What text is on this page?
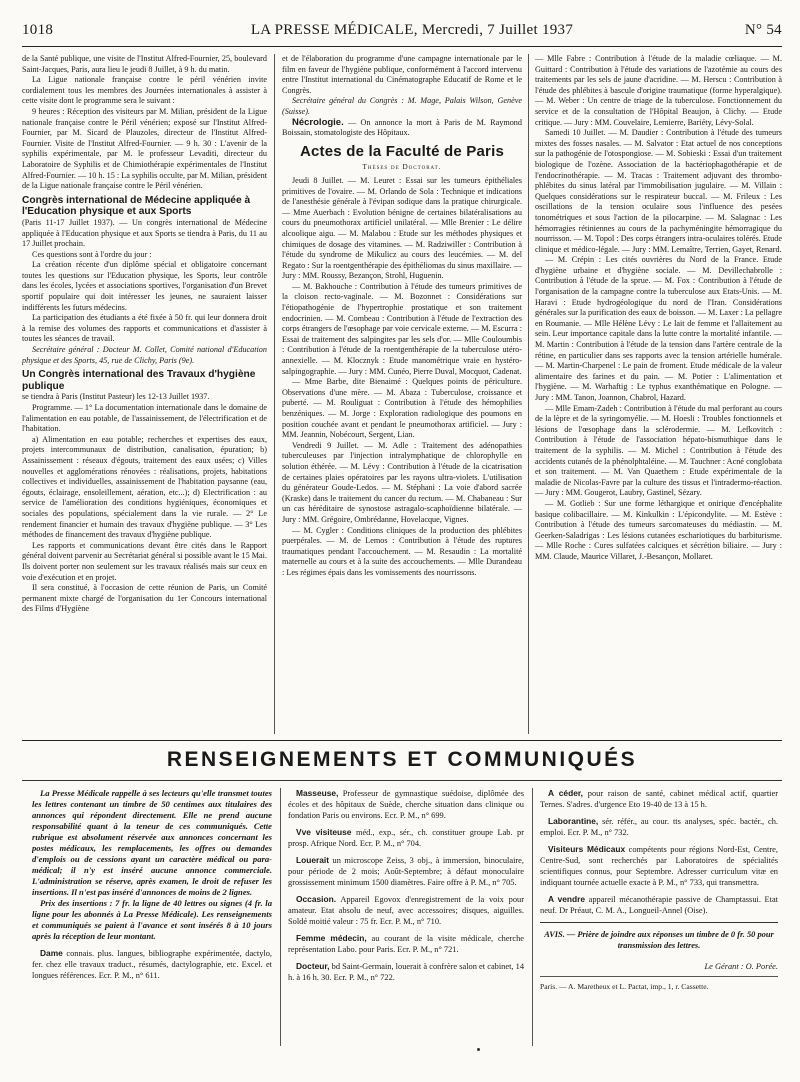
1018	LA PRESSE MÉDICALE, Mercredi, 7 Juillet 1937	N° 54

de la Santé publique, une visite de l'Institut Alfred-Fournier, 25, boulevard Saint-Jacques, Paris, aura lieu le jeudi 8 Juillet, à 9 h. du matin.

La Ligue nationale française contre le péril vénérien invite cordialement tous les membres des Journées internationales à assister à cette visite dont le programme sera le suivant :

9 heures : Réception des visiteurs par M. Milian, président de la Ligue nationale française contre le Péril vénérien; exposé sur l'Institut Alfred-Fournier, par M. Sicard de Plauzoles, directeur de l'Institut Alfred-Fournier. Visite de l'Institut Alfred-Fournier. — 9 h. 30 : L'avenir de la syphilis expérimentale, par M. le professeur Levaditi, directeur du Laboratoire de Syphilis et de Chimiothérapie expérimentales de l'Institut Alfred-Fournier. — 10 h. 15 : La syphilis occulte, par M. Milian, président de la Ligue nationale française contre le Péril vénérien.

Congrès international de Médecine appliquée à l'Education physique et aux Sports

(Paris 11-17 Juillet 1937). — Un congrès international de Médecine appliquée à l'Education physique et aux Sports se tiendra à Paris, du 11 au 17 Juillet prochain.

Ces questions sont à l'ordre du jour :

La création récente d'un diplôme spécial et obligatoire concernant toutes les questions sur l'Education physique, les Sports, leur contrôle dans les écoles, lycées et associations sportives, l'organisation d'un Brevet sportif populaire qui doit intéresser les jeunes, ne sauraient laisser indifférents les futurs médecins.

La participation des étudiants a été fixée à 50 fr. qui leur donnera droit à la remise des volumes des rapports et communications et d'assister à toutes les séances de travail.

Secrétaire général : Docteur M. Collet, Comité national d'Education physique et des Sports, 45, rue de Clichy, Paris (9e).

Un Congrès international des Travaux d'hygiène publique

se tiendra à Paris (Institut Pasteur) les 12-13 Juillet 1937.

Programme. — 1° La documentation internationale dans le domaine de l'alimentation en eau potable, de l'assainissement, de l'électrification et de l'habitation.

a) Alimentation en eau potable; recherches et expertises des eaux, projets intercommunaux de distribution, canalisation, épuration; b) Assainissement : réseaux d'égouts, traitement des eaux usées; c) Villes nouvelles et agglomérations rénovées : réalisations, projets, habitations collectives et individuelles, assainissement de l'habitation paysanne (eau, égouts, éclairage, ensoleillement, aération, etc...); d) Electrification : au service de l'amélioration des conditions hygiéniques, économiques et sociales des populations, spécialement dans la vie rurale. — 2° Le rendement financier et humain des travaux d'hygiène publique. — 3° Les méthodes de financement des travaux d'hygiène publique.

Les rapports et communications devant être cités dans le Rapport général doivent parvenir au Secrétariat général si possible avant le 15 Mai. Ils doivent porter non seulement sur les travaux réalisés mais sur ceux en voie d'exécution et en projet.

Il sera constitué, à l'occasion de cette réunion de Paris, un Comité permanent mixte chargé de l'organisation du 1er Concours international des Films d'Hygiène

et de l'élaboration du programme d'une campagne internationale par le film en faveur de l'hygiène publique, conformément à l'accord intervenu entre l'Institut international du Cinématographe Educatif de Rome et le Congrès.

Secrétaire général du Congrès : M. Mage, Palais Wilson, Genève (Suisse).

Nécrologie. — On annonce la mort à Paris de M. Raymond Boissain, stomatologiste des Hôpitaux.

Actes de la Faculté de Paris
Thèses de Doctorat.

Jeudi 8 Juillet. — M. Leuret : Essai sur les tumeurs épithéliales primitives de l'ovaire. — M. Orlando de Sola : Technique et indications de l'anesthésie générale à l'évipan sodique dans la pratique chirurgicale. — Mme Auerbach : Evolution bénigne de certaines bilatéralisations au cours du pneumothorax artificiel unilatéral. — Mlle Brenier : Le délire alcoolique aigu. — M. Malabou : Etude sur les méthodes physiques et chimiques de dosage des vitamines. — M. Radziwiller : Contribution à l'étude du syndrome de Mikulicz au cours des leucémies. — M. del Regato : Sur la roentgenthérapie des épithéliomas du sinus maxillaire. — Jury : MM. Roussy, Bezançon, Strohl, Huguenin.

— M. Bakhouche : Contribution à l'étude des tumeurs primitives de la cloison recto-vaginale. — M. Bozonnet : Considérations sur l'étiopathogénie de l'hypertrophie prostatique et son traitement endocrinien. — M. Combeau : Contribution à l'étude de l'extraction des corps étrangers de l'œsophage par voie cervicale externe. — M. Escurra : Essai de traitement des salpingites par les sels d'or. — Mlle Couloumbis : Contribution à l'étude de la roentgenthérapie de la tuberculose utéro-annexielle. — M. Klocznyk : Etude manométrique vraie en hystéro-salpingographie. — Jury : MM. Cunéo, Pierre Duval, Mocquot, Cadenat.

— Mme Barbe, dite Bienaimé : Quelques points de périculture. Observations d'une mère. — M. Abaza : Tuberculose, croissance et puberté. — M. Rouliguat : Contribution à l'étude des hémophilies benzéniques. — M. Jorge : Exploration radiologique des poumons en position couchée avant et pendant le pneumothorax artificiel. — Jury : MM. Jeannin, Nobécourt, Sergent, Lian.

Vendredi 9 Juillet. — M. Adle : Traitement des adénopathies tuberculeuses par l'injection intralymphatique de chlorophylle en solution éthérée. — M. Lévy : Contribution à l'étude de la cicatrisation de certaines plaies opératoires par les rayons ultra-violets. L'utilisation du générateur Goude-Ledos. — M. Stéphani : La voie d'abord sacrée (Kraske) dans le traitement du cancer du rectum. — M. Chabaneau : Sur un cas héréditaire de synostose astragalo-scaphoïdienne bilatérale. — Jury : MM. Grégoire, Ombrédanne, Hovelacque, Vignes.

— M. Cygler : Conditions cliniques de la production des phlébites puerpérales. — M. de Lemos : Contribution à l'étude des ruptures traumatiques pendant l'accouchement. — M. Resaudin : La mortalité maternelle au cours et à la suite des accouchements. — Mlle Durandeau : Les régimes épais dans les vomissements des nourrissons.

— Mlle Fabre : Contribution à l'étude de la maladie cœliaque. — M. Guittard : Contribution à l'étude des variations de l'azotémie au cours des traitements par les sels de jaune d'acridine. — M. Herscu : Contribution à l'étude des phlébites à bascule d'origine traumatique (forme hyperalgique). — M. Weber : Un centre de triage de la tuberculose. Fonctionnement du service et de la consultation de l'Hôpital Beaujon, à Clichy. — Etude critique. — Jury : MM. Couvelaire, Lemierre, Bariéty, Lévy-Solal.

Samedi 10 Juillet. — M. Daudier : Contribution à l'étude des tumeurs mixtes des fosses nasales. — M. Salvator : Etat actuel de nos conceptions sur la pathogénie de l'otospongiose. — M. Sobieski : Essai d'un traitement biologique de l'ozène. Association de la bactériophagothérapie et de l'endocrinothérapie. — M. Tracas : Traitement adjuvant des thrombo-phlébites du sinus latéral par l'immobilisation jugulaire. — M. Villain : Quelques considérations sur le respirateur buccal. — M. Frileux : Les oscillations de la tension oculaire sous l'influence des pesées tonométriques et sous l'action de la pilocarpine. — M. Salagnac : Les hémorragies rétiniennes au cours de la pachyméningite hémorragique du nourrisson. — M. Topol : Des corps étrangers intra-oculaires tolérés. Etude clinique et médico-légale. — Jury : MM. Lemaître, Terrien, Gayet, Renard.

— M. Crépin : Les cités ouvrières du Nord de la France. Etude d'hygiène urbaine et d'hygiène sociale. — M. Devillechabrolle : Contribution à l'étude de la sprue. — M. Fox : Contribution à l'étude de l'organisation de la campagne contre la tuberculose aux Etats-Unis. — M. Haravi : Etude hydrogéologique du nord de l'Iran. Considérations générales sur la purification des eaux de boisson. — M. Laxer : La pellagre en Roumanie. — Mlle Hélène Lévy : Le lait de femme et l'allaitement au sein. Leur importance capitale dans la lutte contre la mortalité infantile. — M. Martin : Contribution à l'étude de la tension dans l'artère centrale de la rétine, en particulier dans ses rapports avec la tension artérielle humérale. — M. Martin-Charpenel : Le pain de froment. Etude médicale de la valeur alimentaire des farines et du pain. — M. Potier : L'alimentation et l'hygiène. — M. Warhaftig : Le typhus exanthématique en Pologne. — Jury : MM. Tanon, Joannon, Chabrol, Hazard.

— Mlle Emam-Zadeh : Contribution à l'étude du mal perforant au cours de la lèpre et de la syringomyélie. — M. Hoesli : Troubles fonctionnels et lésions de l'œsophage dans la sclérodermie. — M. Lefkovitch : Contribution à l'étude de l'association hépato-bismuthique dans le traitement de la syphilis. — M. Michel : Contribution à l'étude des accidents cutanés de la phénolphtaléine. — M. Tauchner : Acné conglobata et son traitement. — M. Van Quaethem : Etude expérimentale de la maladie de Nicolas-Favre par la culture des tissus et l'intradermo-réaction. — Jury : MM. Gougerot, Laubry, Gastinel, Sézary.

— M. Gotlieb : Sur une forme léthargique et onirique d'encéphalite basique colibacillaire. — M. Kinkulkin : L'épicondylite. — M. Estève : Contribution à l'étude des tumeurs sarcomateuses du médiastin. — M. Geerken-Saladrigas : Les lésions cutanées eschariotiques du barbiturisme. — Mlle Roche : Cures sulfatées calciques et sécrétion biliaire. — Jury : MM. Claude, Maurice Villaret, J.-Besançon, Mollaret.

RENSEIGNEMENTS ET COMMUNIQUÉS

La Presse Médicale rappelle à ses lecteurs qu'elle transmet toutes les lettres contenant un timbre de 50 centimes aux titulaires des annonces qui répondent directement. Elle ne prend aucune responsabilité quant à la teneur de ces communiqués. Cette rubrique est absolument réservée aux annonces concernant les postes médicaux, les remplacements, les offres ou demandes d'emplois ou de cessions ayant un caractère médical ou para-médical; il n'y est inséré aucune annonce commerciale. L'administration se réserve, après examen, le droit de refuser les insertions. Il n'est pas inséré d'annonces de moins de 2 lignes.

Prix des insertions : 7 fr. la ligne de 40 lettres ou signes (4 fr. la ligne pour les abonnés à La Presse Médicale). Les renseignements et communiqués se paient à l'avance et sont insérés 8 à 10 jours après la réception de leur montant.

Dame connais. plus. langues, bibliographe expérimentée, dactylo, fer. chez elle travaux traduct., résumés, dactylographie, etc. Excel. et longues références. Ecr. P. M., n° 611.

Masseuse, Professeur de gymnastique suédoise, diplômée des écoles et des hôpitaux de Suède, cherche situation dans clinique ou fondation Paris ou environs. Ecr. P. M., n° 699.

Vve visiteuse méd., exp., sér., ch. constituer groupe Lab. pr prosp. Afrique Nord. Ecr. P. M., n° 704.

Louerait un microscope Zeiss, 3 obj., à immersion, binoculaire, pour période de 2 mois; Août-Septembre; à défaut monoculaire grossissement minimum 1500 diamètres. Faire offre à P. M., n° 705.

Occasion. Appareil Egovox d'enregistrement de la voix pour amateur. Etat absolu de neuf, avec accessoires; disques, aiguilles. Soldé moitié valeur : 75 fr. Ecr. P. M., n° 710.

Femme médecin, au courant de la visite médicale, cherche représentation Labo. pour Paris. Ecr. P. M., n° 721.

Docteur, bd Saint-Germain, louerait à confrère salon et cabinet, 14 h. à 16 h. 30. Ecr. P. M., n° 722.

A céder, pour raison de santé, cabinet médical actif, quartier Ternes. S'adres. d'urgence Eto 19-40 de 13 à 15 h.

Laborantine, sér. référ., au cour. tts analyses, spéc. bactér., ch. emploi. Ecr. P. M., n° 732.

Visiteurs Médicaux compétents pour régions Nord-Est, Centre, Centre-Sud, sont recherchés par Laboratoires de spécialités scientifiques connus, pour Septembre. Adresser curriculum vitæ en indiquant tournée actuelle exacte à P. M., n° 733, qui transmettra.

A vendre appareil mécanothérapie passive de Champtassui. Etat neuf. Dr Préaut, C. M. A., Longueil-Annel (Oise).

AVIS. — Prière de joindre aux réponses un timbre de 0 fr. 50 pour transmission des lettres.

Le Gérant : O. Porée.

Paris. — A. Maretheux et L. Pactat, imp., 1, r. Cassette.
